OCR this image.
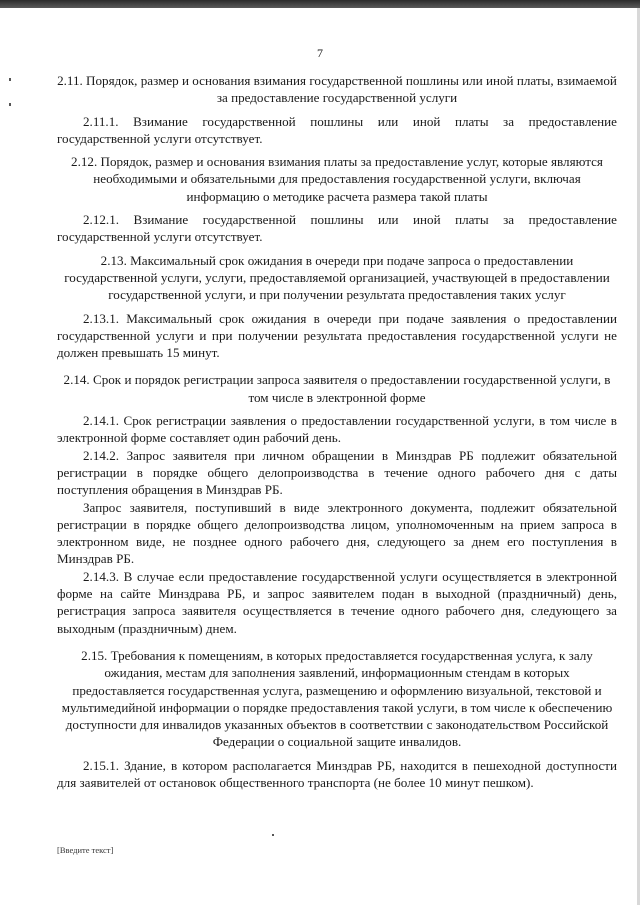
7
2.11. Порядок, размер и основания взимания государственной пошлины или иной платы, взимаемой за предоставление государственной услуги
2.11.1. Взимание государственной пошлины или иной платы за предоставление государственной услуги отсутствует.
2.12. Порядок, размер и основания взимания платы за предоставление услуг, которые являются необходимыми и обязательными для предоставления государственной услуги, включая информацию о методике расчета размера такой платы
2.12.1. Взимание государственной пошлины или иной платы за предоставление государственной услуги отсутствует.
2.13. Максимальный срок ожидания в очереди при подаче запроса о предоставлении государственной услуги, услуги, предоставляемой организацией, участвующей в предоставлении государственной услуги, и при получении результата предоставления таких услуг
2.13.1. Максимальный срок ожидания в очереди при подаче заявления о предоставлении государственной услуги и при получении результата предоставления государственной услуги не должен превышать 15 минут.
2.14. Срок и порядок регистрации запроса заявителя о предоставлении государственной услуги, в том числе в электронной форме
2.14.1. Срок регистрации заявления о предоставлении государственной услуги, в том числе в электронной форме составляет один рабочий день.
2.14.2. Запрос заявителя при личном обращении в Минздрав РБ подлежит обязательной регистрации в порядке общего делопроизводства в течение одного рабочего дня с даты поступления обращения в Минздрав РБ.
Запрос заявителя, поступивший в виде электронного документа, подлежит обязательной регистрации в порядке общего делопроизводства лицом, уполномоченным на прием запроса в электронном виде, не позднее одного рабочего дня, следующего за днем его поступления в Минздрав РБ.
2.14.3. В случае если предоставление государственной услуги осуществляется в электронной форме на сайте Минздрава РБ, и запрос заявителем подан в выходной (праздничный) день, регистрация запроса заявителя осуществляется в течение одного рабочего дня, следующего за выходным (праздничным) днем.
2.15. Требования к помещениям, в которых предоставляется государственная услуга, к залу ожидания, местам для заполнения заявлений, информационным стендам в которых предоставляется государственная услуга, размещению и оформлению визуальной, текстовой и мультимедийной информации о порядке предоставления такой услуги, в том числе к обеспечению доступности для инвалидов указанных объектов в соответствии с законодательством Российской Федерации о социальной защите инвалидов.
2.15.1. Здание, в котором располагается Минздрав РБ, находится в пешеходной доступности для заявителей от остановок общественного транспорта (не более 10 минут пешком).
[Введите текст]
